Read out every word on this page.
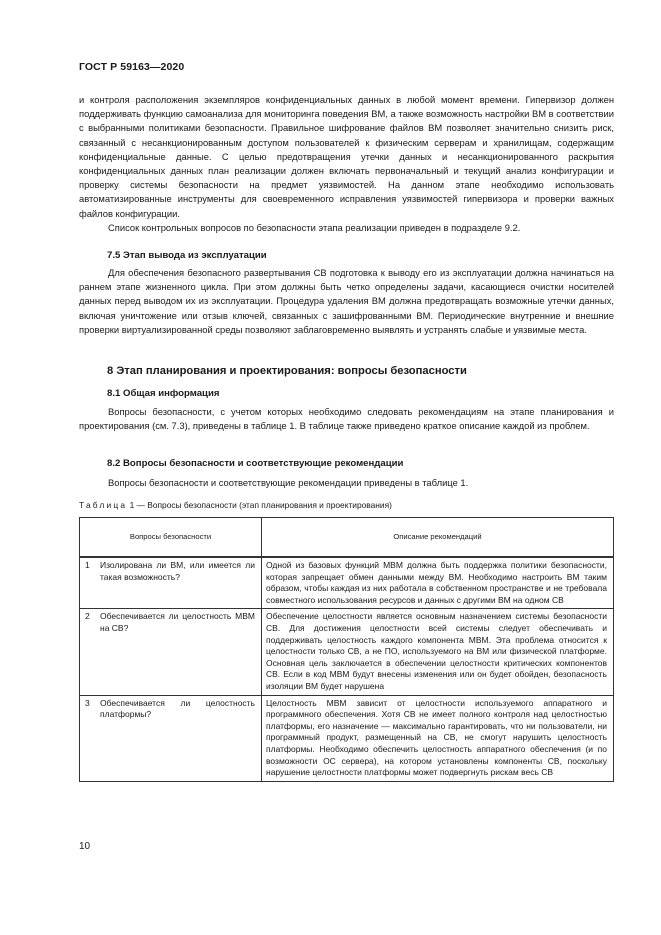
ГОСТ Р 59163—2020

и контроля расположения экземпляров конфиденциальных данных в любой момент времени. Гипервизор должен поддерживать функцию самоанализа для мониторинга поведения ВМ, а также возможность настройки ВМ в соответствии с выбранными политиками безопасности. Правильное шифрование файлов ВМ позволяет значительно снизить риск, связанный с несанкционированным доступом пользователей к физическим серверам и хранилищам, содержащим конфиденциальные данные. С целью предотвращения утечки данных и несанкционированного раскрытия конфиденциальных данных план реализации должен включать первоначальный и текущий анализ конфигурации и проверку системы безопасности на предмет уязвимостей. На данном этапе необходимо использовать автоматизированные инструменты для своевременного исправления уязвимостей гипервизора и проверки важных файлов конфигурации.

Список контрольных вопросов по безопасности этапа реализации приведен в подразделе 9.2.

7.5 Этап вывода из эксплуатации

Для обеспечения безопасного развертывания СВ подготовка к выводу его из эксплуатации должна начинаться на раннем этапе жизненного цикла. При этом должны быть четко определены задачи, касающиеся очистки носителей данных перед выводом их из эксплуатации. Процедура удаления ВМ должна предотвращать возможные утечки данных, включая уничтожение или отзыв ключей, связанных с зашифрованными ВМ. Периодические внутренние и внешние проверки виртуализированной среды позволяют заблаговременно выявлять и устранять слабые и уязвимые места.

8 Этап планирования и проектирования: вопросы безопасности
8.1 Общая информация

Вопросы безопасности, с учетом которых необходимо следовать рекомендациям на этапе планирования и проектирования (см. 7.3), приведены в таблице 1. В таблице также приведено краткое описание каждой из проблем.

8.2 Вопросы безопасности и соответствующие рекомендации

Вопросы безопасности и соответствующие рекомендации приведены в таблице 1.

Таблица 1 — Вопросы безопасности (этап планирования и проектирования)
Вопросы безопасности		Описание рекомендаций
1	Изолирована ли ВМ, или имеется ли такая возможность?	Одной из базовых функций МВМ должна быть поддержка политики безопасности, которая запрещает обмен данными между ВМ. Необходимо настроить ВМ таким образом, чтобы каждая из них работала в собственном пространстве и не требовала совместного использования ресурсов и данных с другими ВМ на одном СВ
2	Обеспечивается ли целостность МВМ на СВ?	Обеспечение целостности является основным назначением системы безопасности СВ. Для достижения целостности всей системы следует обеспечивать и поддерживать целостность каждого компонента МВМ. Эта проблема относится к целостности только СВ, а не ПО, используемого на ВМ или физической платформе. Основная цель заключается в обеспечении целостности критических компонентов СВ. Если в код МВМ будут внесены изменения или он будет обойден, безопасность изоляции ВМ будет нарушена
3	Обеспечивается ли целостность платформы?	Целостность МВМ зависит от целостности используемого аппаратного и программного обеспечения. Хотя СВ не имеет полного контроля над целостностью платформы, его назначение — максимально гарантировать, что ни пользователи, ни программный продукт, размещенный на СВ, не смогут нарушить целостность платформы. Необходимо обеспечить целостность аппаратного обеспечения (и по возможности ОС сервера), на котором установлены компоненты СВ, поскольку нарушение целостности платформы может подвергнуть рискам весь СВ
10
